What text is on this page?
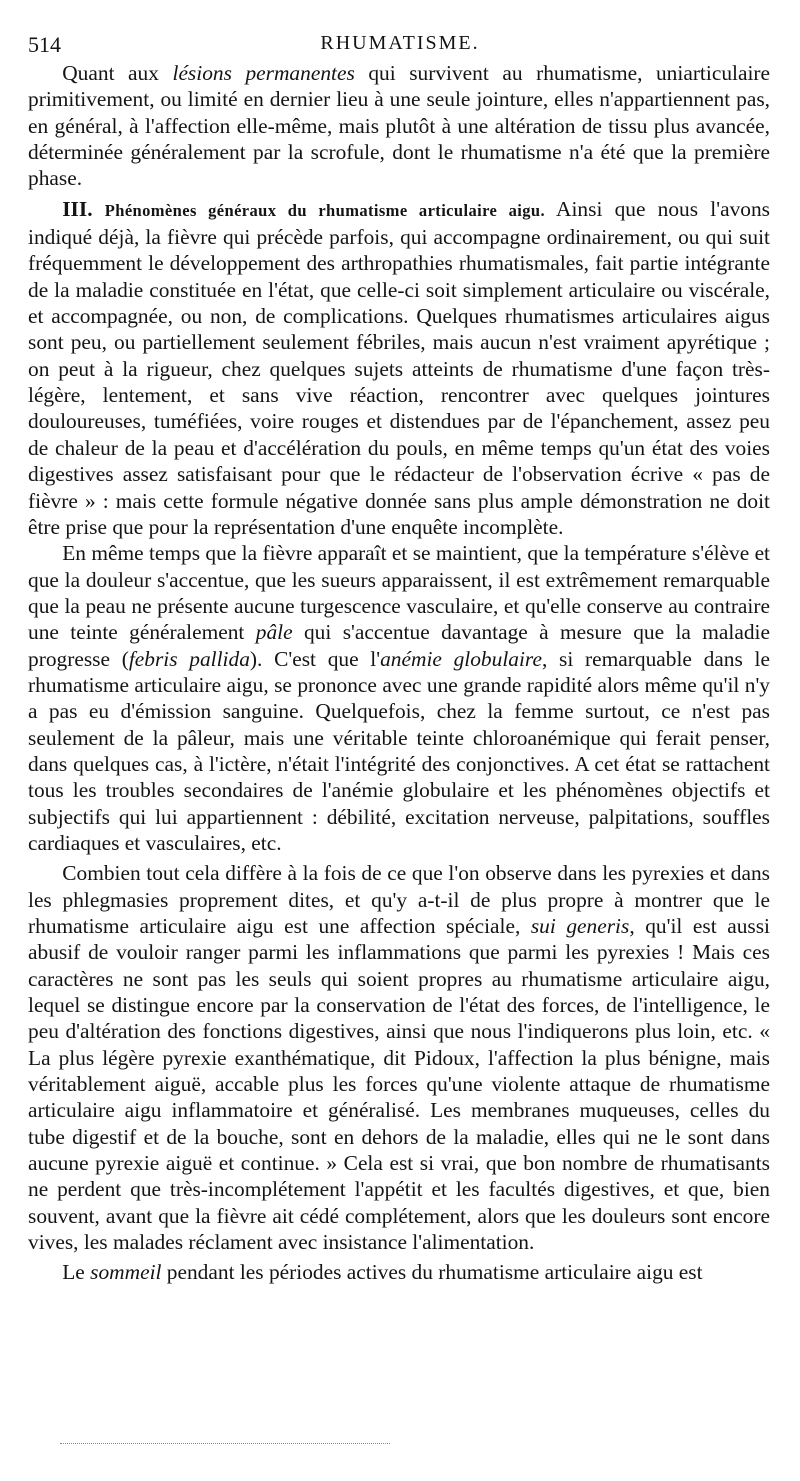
514	RHUMATISME.

Quant aux lésions permanentes qui survivent au rhumatisme, uniarticulaire primitivement, ou limité en dernier lieu à une seule jointure, elles n'appartiennent pas, en général, à l'affection elle-même, mais plutôt à une altération de tissu plus avancée, déterminée généralement par la scrofule, dont le rhumatisme n'a été que la première phase.

III. Phénomènes généraux du rhumatisme articulaire aigu. Ainsi que nous l'avons indiqué déjà, la fièvre qui précède parfois, qui accompagne ordinairement, ou qui suit fréquemment le développement des arthropathies rhumatismales, fait partie intégrante de la maladie constituée en l'état, que celle-ci soit simplement articulaire ou viscérale, et accompagnée, ou non, de complications. Quelques rhumatismes articulaires aigus sont peu, ou partiellement seulement fébriles, mais aucun n'est vraiment apyrétique ; on peut à la rigueur, chez quelques sujets atteints de rhumatisme d'une façon très-légère, lentement, et sans vive réaction, rencontrer avec quelques jointures douloureuses, tuméfiées, voire rouges et distendues par de l'épanchement, assez peu de chaleur de la peau et d'accélération du pouls, en même temps qu'un état des voies digestives assez satisfaisant pour que le rédacteur de l'observation écrive « pas de fièvre » : mais cette formule négative donnée sans plus ample démonstration ne doit être prise que pour la représentation d'une enquête incomplète.

En même temps que la fièvre apparaît et se maintient, que la température s'élève et que la douleur s'accentue, que les sueurs apparaissent, il est extrêmement remarquable que la peau ne présente aucune turgescence vasculaire, et qu'elle conserve au contraire une teinte généralement pâle qui s'accentue davantage à mesure que la maladie progresse (febris pallida). C'est que l'anémie globulaire, si remarquable dans le rhumatisme articulaire aigu, se prononce avec une grande rapidité alors même qu'il n'y a pas eu d'émission sanguine. Quelquefois, chez la femme surtout, ce n'est pas seulement de la pâleur, mais une véritable teinte chloroanémique qui ferait penser, dans quelques cas, à l'ictère, n'était l'intégrité des conjonctives. A cet état se rattachent tous les troubles secondaires de l'anémie globulaire et les phénomènes objectifs et subjectifs qui lui appartiennent : débilité, excitation nerveuse, palpitations, souffles cardiaques et vasculaires, etc.

Combien tout cela diffère à la fois de ce que l'on observe dans les pyrexies et dans les phlegmasies proprement dites, et qu'y a-t-il de plus propre à montrer que le rhumatisme articulaire aigu est une affection spéciale, sui generis, qu'il est aussi abusif de vouloir ranger parmi les inflammations que parmi les pyrexies ! Mais ces caractères ne sont pas les seuls qui soient propres au rhumatisme articulaire aigu, lequel se distingue encore par la conservation de l'état des forces, de l'intelligence, le peu d'altération des fonctions digestives, ainsi que nous l'indiquerons plus loin, etc. « La plus légère pyrexie exanthématique, dit Pidoux, l'affection la plus bénigne, mais véritablement aiguë, accable plus les forces qu'une violente attaque de rhumatisme articulaire aigu inflammatoire et généralisé. Les membranes muqueuses, celles du tube digestif et de la bouche, sont en dehors de la maladie, elles qui ne le sont dans aucune pyrexie aiguë et continue. » Cela est si vrai, que bon nombre de rhumatisants ne perdent que très-incomplétement l'appétit et les facultés digestives, et que, bien souvent, avant que la fièvre ait cédé complétement, alors que les douleurs sont encore vives, les malades réclament avec insistance l'alimentation.

Le sommeil pendant les périodes actives du rhumatisme articulaire aigu est
